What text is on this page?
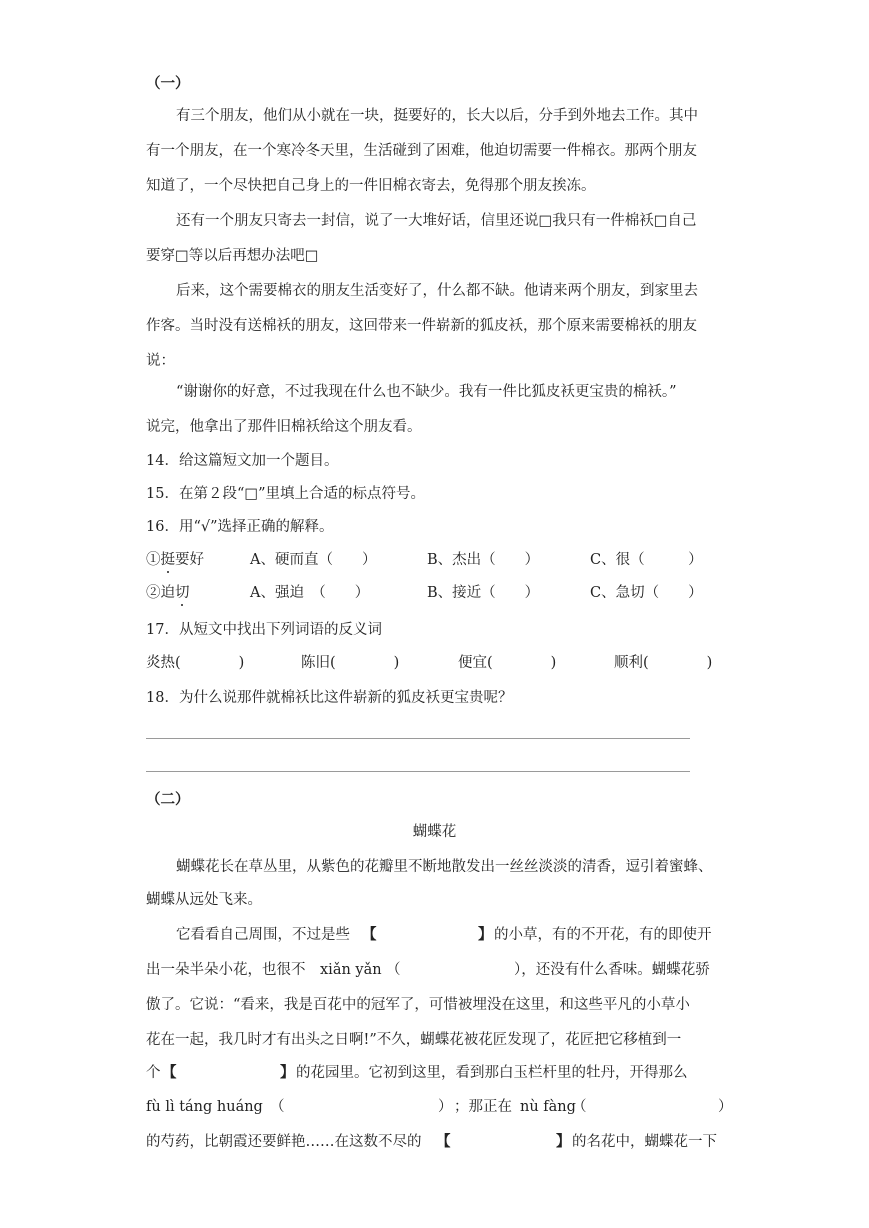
（一）
有三个朋友，他们从小就在一块，挺要好的，长大以后，分手到外地去工作。其中
有一个朋友，在一个寒冷冬天里，生活碰到了困难，他迫切需要一件棉衣。那两个朋友
知道了，一个尽快把自己身上的一件旧棉衣寄去，免得那个朋友挨冻。
还有一个朋友只寄去一封信，说了一大堆好话，信里还说□我只有一件棉袄□自己
要穿□等以后再想办法吧□
后来，这个需要棉衣的朋友生活变好了，什么都不缺。他请来两个朋友，到家里去
作客。当时没有送棉袄的朋友，这回带来一件崭新的狐皮袄，那个原来需要棉袄的朋友
说：
“谢谢你的好意，不过我现在什么也不缺少。我有一件比狐皮袄更宝贵的棉袄。”
说完，他拿出了那件旧棉袄给这个朋友看。
14．给这篇短文加一个题目。
15．在第２段“□”里填上合适的标点符号。
16．用“√”选择正确的解释。
①挺要好	A、硬而直（　　）	B、杰出（　　）	C、很（　　　）
②迫切	A、强迫　（　　）	B、接近（　　）	C、急切（　　）
17．从短文中找出下列词语的反义词
炎热(　　　　)	陈旧(　　　　)	便宜(　　　　)	顺利(　　　　)
18．为什么说那件就棉袄比这件崭新的狐皮袄更宝贵呢？
（二）
蝴蝶花
蝴蝶花长在草丛里，从紫色的花瓣里不断地散发出一丝丝淡淡的清香，逗引着蜜蜂、
蝴蝶从远处飞来。
它看看自己周围，不过是些 【	】 的小草，有的不开花，有的即使开
出一朵半朵小花，也很不 xiǎn yǎn （	），还没有什么香味。蝴蝶花骄
傲了。它说：“看来，我是百花中的冠军了，可惜被埋没在这里，和这些平凡的小草小
花在一起，我几时才有出头之日啊!”不久，蝴蝶花被花匠发现了，花匠把它移植到一
个 【	】 的花园里。它初到这里，看到那白玉栏杆里的牡丹，开得那么
fù lì táng huáng （	） ；那正在 nù fàng
（	）
的芍药，比朝霞还要鲜艳……在这数不尽的 【	】 的名花中，蝴蝶花一下
